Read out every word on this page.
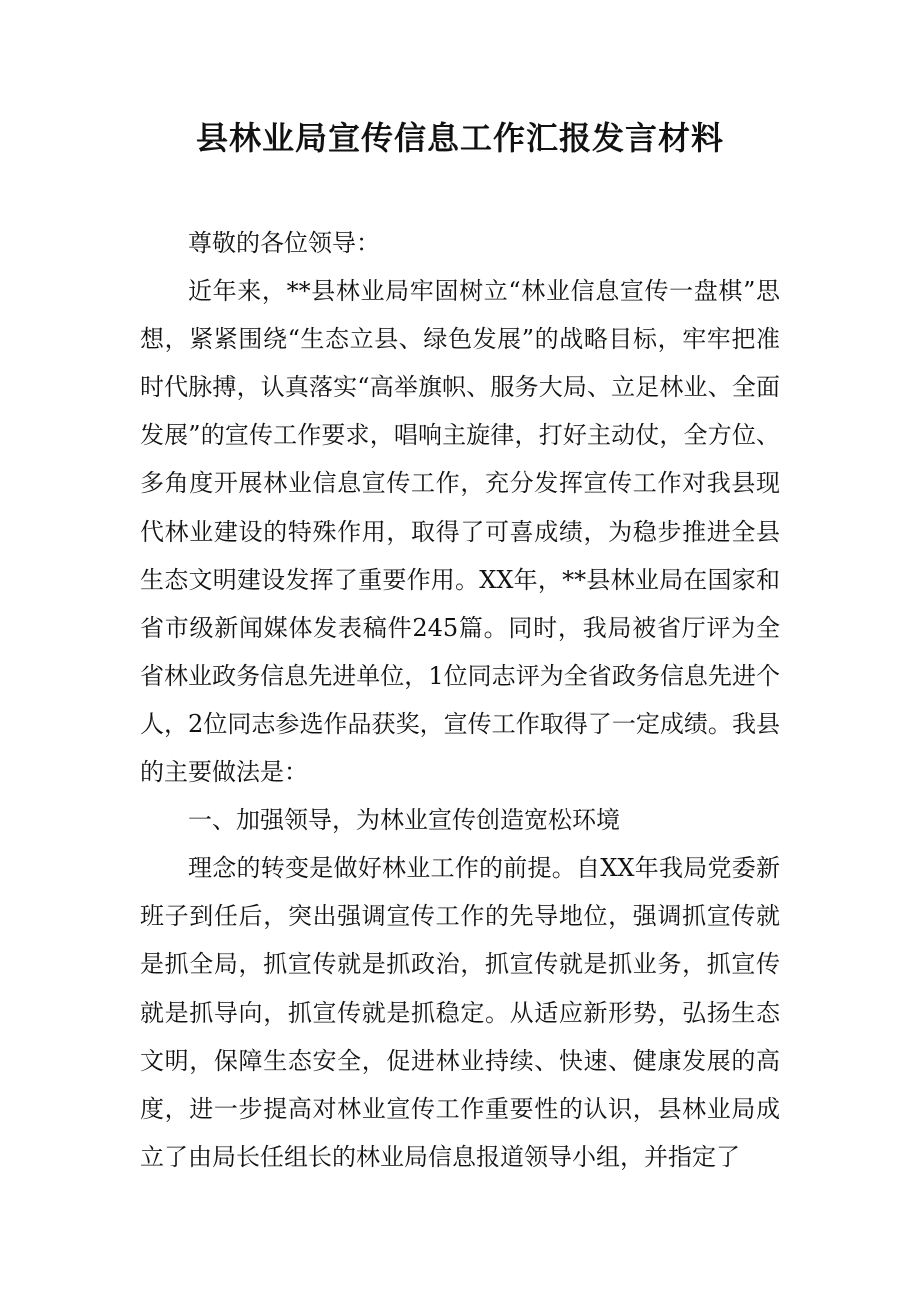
县林业局宣传信息工作汇报发言材料

尊敬的各位领导：

近年来，**县林业局牢固树立“林业信息宣传一盘棋”思想，紧紧围绕“生态立县、绿色发展”的战略目标，牢牢把准时代脉搏，认真落实“高举旗帜、服务大局、立足林业、全面发展”的宣传工作要求，唱响主旋律，打好主动仗，全方位、多角度开展林业信息宣传工作，充分发挥宣传工作对我县现代林业建设的特殊作用，取得了可喜成绩，为稳步推进全县生态文明建设发挥了重要作用。XX年，**县林业局在国家和省市级新闻媒体发表稿件245篇。同时，我局被省厅评为全省林业政务信息先进单位，1位同志评为全省政务信息先进个人，2位同志参选作品获奖，宣传工作取得了一定成绩。我县的主要做法是：

一、加强领导，为林业宣传创造宽松环境

理念的转变是做好林业工作的前提。自XX年我局党委新班子到任后，突出强调宣传工作的先导地位，强调抓宣传就是抓全局，抓宣传就是抓政治，抓宣传就是抓业务，抓宣传就是抓导向，抓宣传就是抓稳定。从适应新形势，弘扬生态文明，保障生态安全，促进林业持续、快速、健康发展的高度，进一步提高对林业宣传工作重要性的认识，县林业局成立了由局长任组长的林业局信息报道领导小组，并指定了
